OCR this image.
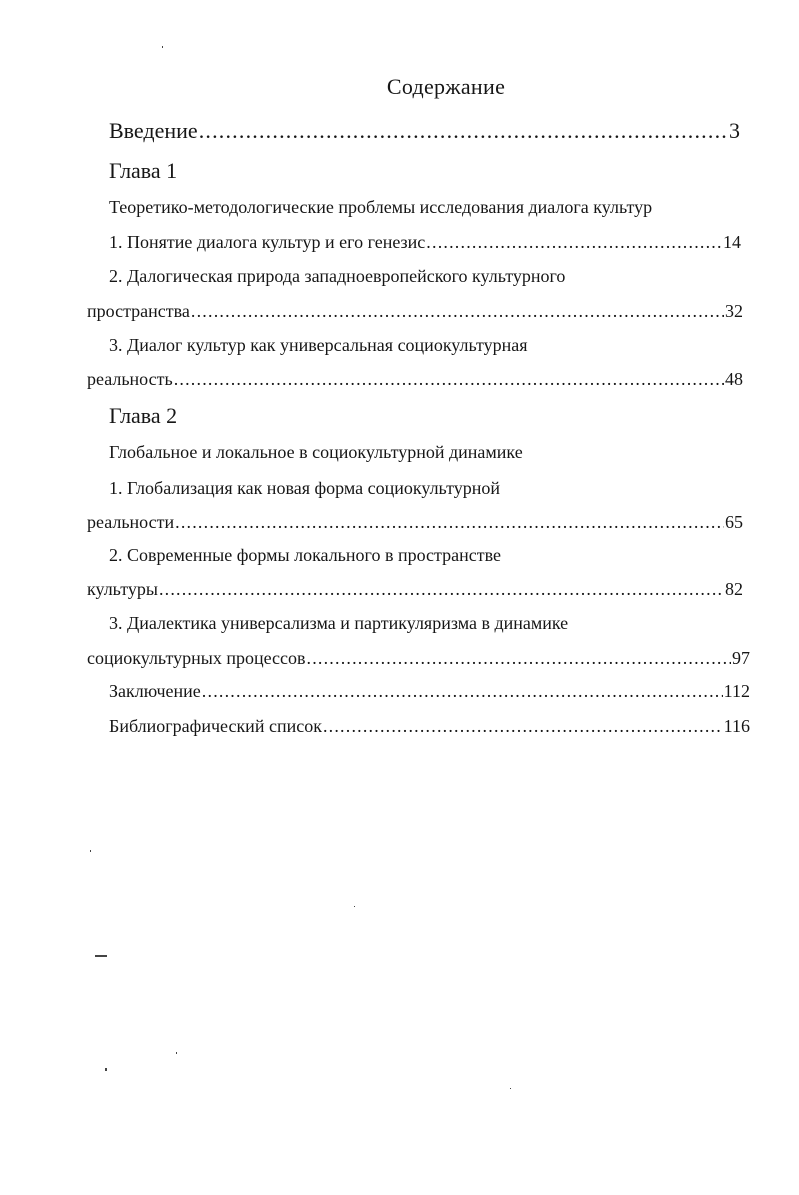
Содержание
Введение .....	3
Глава 1
Теоретико-методологические проблемы исследования диалога культур
1. Понятие диалога культур и его генезис .....	14
2. Далогическая природа западноевропейского культурного
пространства .....	32
3. Диалог культур как универсальная социокультурная
реальность .....	48
Глава 2
Глобальное и локальное в социокультурной динамике
1. Глобализация как новая форма социокультурной
реальности .....	65
2. Современные формы локального в пространстве
культуры .....	82
3. Диалектика универсализма и партикуляризма в динамике
социокультурных процессов .....	97
Заключение .....	112
Библиографический список .....	116
